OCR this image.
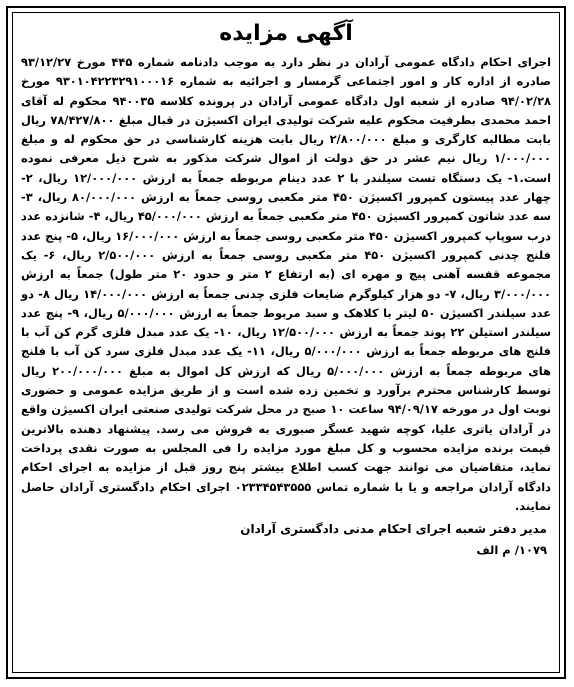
آگهی مزایده

اجرای احکام دادگاه عمومی آرادان در نظر دارد به موجب دادنامه شماره ۴۴۵ مورخ ۹۳/۱۲/۲۷ صادره از اداره کار و امور اجتماعی گرمسار و اجرائیه به شماره ۹۳۰۱۰۴۲۲۳۲۹۱۰۰۰۱۶ مورخ ۹۴/۰۲/۲۸ صادره از شعبه اول دادگاه عمومی آرادان در پرونده کلاسه ۹۴۰۰۳۵ محکوم له آقای احمد محمدی بطرفیت محکوم علیه شرکت تولیدی ایران اکسیژن در قبال مبلغ ۷۸/۴۲۷/۸۰۰ ریال بابت مطالبه کارگری و مبلغ ۲/۸۰۰/۰۰۰ ریال بابت هزینه کارشناسی در حق محکوم له و مبلغ ۱/۰۰۰/۰۰۰ ریال نیم عشر در حق دولت از اموال شرکت مذکور به شرح ذیل معرفی نموده است.۱- یک دستگاه تست سیلندر با ۲ عدد دینام مربوطه جمعاً به ارزش ۱۲/۰۰۰/۰۰۰ ریال، ۲- چهار عدد پیستون کمپرور اکسیژن ۴۵۰ متر مکعبی روسی جمعاً به ارزش ۸۰/۰۰۰/۰۰۰ ریال، ۳- سه عدد شاتون کمپرور اکسیژن ۴۵۰ متر مکعبی جمعاً به ارزش ۴۵/۰۰۰/۰۰۰ ریال، ۴- شانزده عدد درب سوپاپ کمپرور اکسیژن ۴۵۰ متر مکعبی روسی جمعاً به ارزش ۱۶/۰۰۰/۰۰۰ ریال، ۵- پنج عدد فلنج چدنی کمپرور اکسیژن ۴۵۰ متر مکعبی روسی جمعاً به ارزش ۲/۵۰۰/۰۰۰ ریال، ۶- یک مجموعه قفسه آهنی پیچ و مهره ای (به ارتفاع ۲ متر و حدود ۲۰ متر طول) جمعاً به ارزش ۳/۰۰۰/۰۰۰ ریال، ۷- دو هزار کیلوگرم ضایعات فلزی چدنی جمعاً به ارزش ۱۴/۰۰۰/۰۰۰ ریال ۸- دو عدد سیلندر اکسیژن ۵۰ لیتر با کلاهک و سبد مربوط جمعاً به ارزش ۵/۰۰۰/۰۰۰ ریال، ۹- پنج عدد سیلندر استیلن ۲۲ پوند جمعاً به ارزش ۱۲/۵۰۰/۰۰۰ ریال، ۱۰- یک عدد مبدل فلزی گرم کن آب با فلنج های مربوطه جمعاً به ارزش ۵/۰۰۰/۰۰۰ ریال، ۱۱- یک عدد مبدل فلزی سرد کن آب با فلنج های مربوطه جمعاً به ارزش ۵/۰۰۰/۰۰۰ ریال که ارزش کل اموال به مبلغ ۲۰۰/۰۰۰/۰۰۰ ریال توسط کارشناس محترم برآورد و تخمین زده شده است و از طریق مزایده عمومی و حضوری نوبت اول در مورخه ۹۴/۰۹/۱۷ ساعت ۱۰ صبح در محل شرکت تولیدی صنعتی ایران اکسیژن واقع در آرادان یاتری علیا، کوچه شهید عسگر صبوری به فروش می رسد. پیشنهاد دهنده بالاترین قیمت برنده مزایده محسوب و کل مبلغ مورد مزایده را فی المجلس به صورت نقدی پرداخت نماید، متقاضیان می توانند جهت کسب اطلاع بیشتر پنج روز قبل از مزایده به اجرای احکام دادگاه آرادان مراجعه و یا با شماره تماس ۰۲۳۳۴۵۴۳۵۵۵ اجرای احکام دادگستری آرادان حاصل نمایند.

مدیر دفتر شعبه اجرای احکام مدنی دادگستری آرادان
۱۰۷۹/ م الف
